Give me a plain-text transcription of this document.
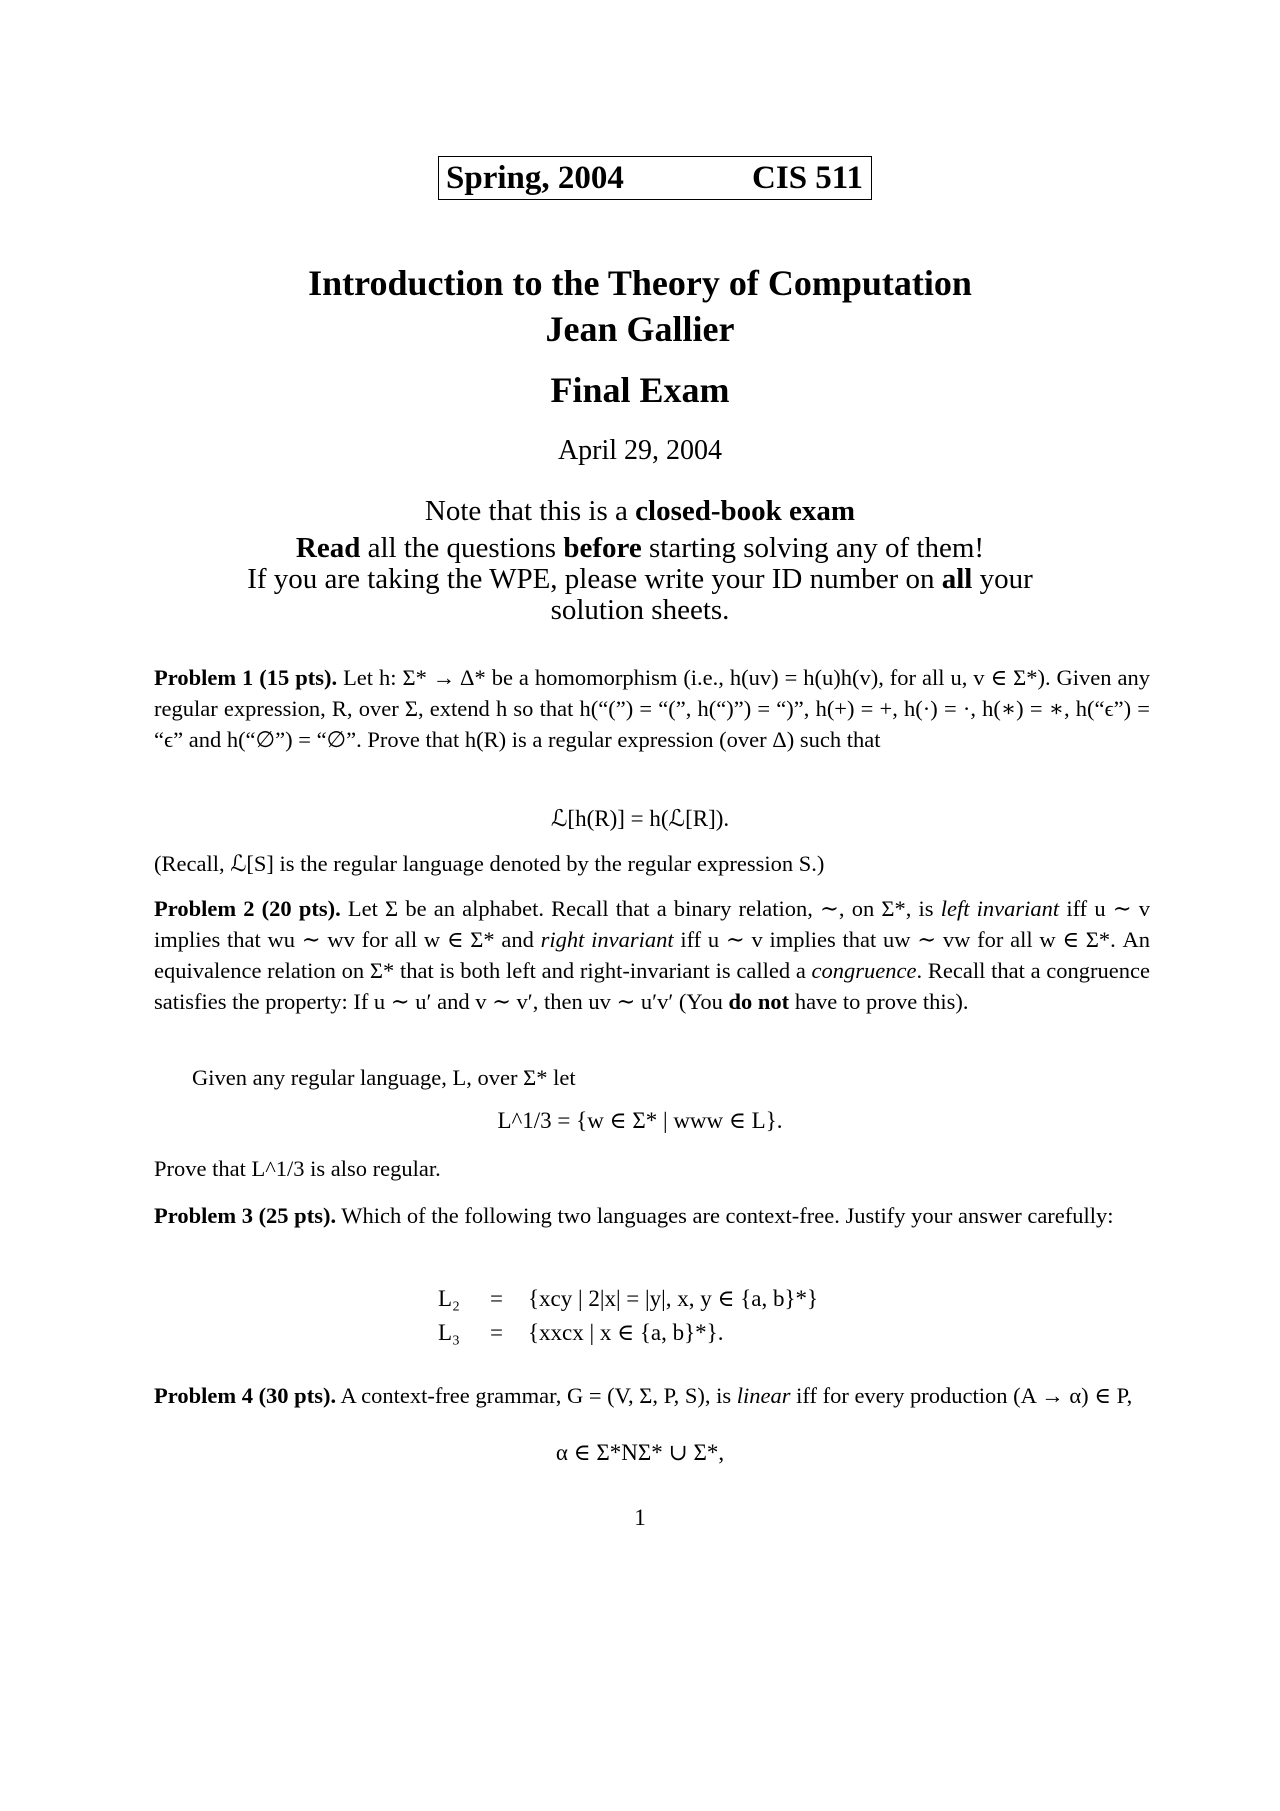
Spring, 2004	CIS 511
Introduction to the Theory of Computation
Jean Gallier
Final Exam
April 29, 2004
Note that this is a closed-book exam
Read all the questions before starting solving any of them!
If you are taking the WPE, please write your ID number on all your
solution sheets.
Problem 1 (15 pts). Let h: Σ* → Δ* be a homomorphism (i.e., h(uv) = h(u)h(v), for all u, v ∈ Σ*). Given any regular expression, R, over Σ, extend h so that h(“(”) = “(”, h(“)”) = “)”, h(+) = +, h(·) = ·, h(∗) = ∗, h(“ϵ”) = “ϵ” and h(“∅”) = “∅”. Prove that h(R) is a regular expression (over Δ) such that
ℒ[h(R)] = h(ℒ[R]).
(Recall, ℒ[S] is the regular language denoted by the regular expression S.)
Problem 2 (20 pts). Let Σ be an alphabet. Recall that a binary relation, ∼, on Σ*, is left invariant iff u ∼ v implies that wu ∼ wv for all w ∈ Σ* and right invariant iff u ∼ v implies that uw ∼ vw for all w ∈ Σ*. An equivalence relation on Σ* that is both left and right-invariant is called a congruence. Recall that a congruence satisfies the property: If u ∼ u′ and v ∼ v′, then uv ∼ u′v′ (You do not have to prove this).
Given any regular language, L, over Σ* let
L^1/3 = {w ∈ Σ* | www ∈ L}.
Prove that L^1/3 is also regular.
Problem 3 (25 pts). Which of the following two languages are context-free. Justify your answer carefully:
L₂ = {xcy | 2|x| = |y|, x, y ∈ {a, b}*}
L₃ = {xxcx | x ∈ {a, b}*}.
Problem 4 (30 pts). A context-free grammar, G = (V, Σ, P, S), is linear iff for every production (A → α) ∈ P,
α ∈ Σ*NΣ* ∪ Σ*,
1
